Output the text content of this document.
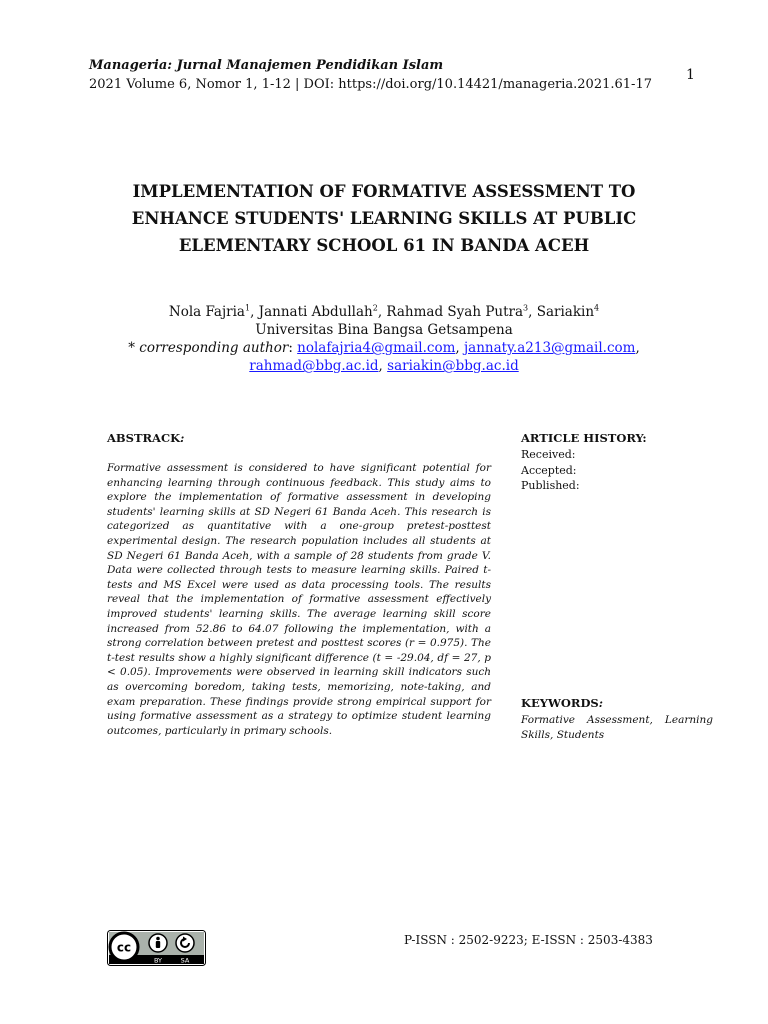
Manageria: Jurnal Manajemen Pendidikan Islam
2021 Volume 6, Nomor 1, 1-12 | DOI: https://doi.org/10.14421/manageria.2021.61-17
1
IMPLEMENTATION OF FORMATIVE ASSESSMENT TO ENHANCE STUDENTS' LEARNING SKILLS AT PUBLIC ELEMENTARY SCHOOL 61 IN BANDA ACEH
Nola Fajria$^1$, Jannati Abdullah$^2$, Rahmad Syah Putra$^3$, Sariakin$^4$
Universitas Bina Bangsa Getsampena
* corresponding author: nolafajria4@gmail.com, jannaty.a213@gmail.com,
rahmad@bbg.ac.id, sariakin@bbg.ac.id
ABSTRACK:
Formative assessment is considered to have significant potential for enhancing learning through continuous feedback. This study aims to explore the implementation of formative assessment in developing students' learning skills at SD Negeri 61 Banda Aceh. This research is categorized as quantitative with a one-group pretest-posttest experimental design. The research population includes all students at SD Negeri 61 Banda Aceh, with a sample of 28 students from grade V. Data were collected through tests to measure learning skills. Paired t-tests and MS Excel were used as data processing tools. The results reveal that the implementation of formative assessment effectively improved students' learning skills. The average learning skill score increased from 52.86 to 64.07 following the implementation, with a strong correlation between pretest and posttest scores (r = 0.975). The t-test results show a highly significant difference (t = -29.04, df = 27, p < 0.05). Improvements were observed in learning skill indicators such as overcoming boredom, taking tests, memorizing, note-taking, and exam preparation. These findings provide strong empirical support for using formative assessment as a strategy to optimize student learning outcomes, particularly in primary schools.
ARTICLE HISTORY:
Received:
Accepted:
Published:
KEYWORDS:
Formative Assessment, Learning Skills, Students
cc
BY	SA
P-ISSN : 2502-9223; E-ISSN : 2503-4383
